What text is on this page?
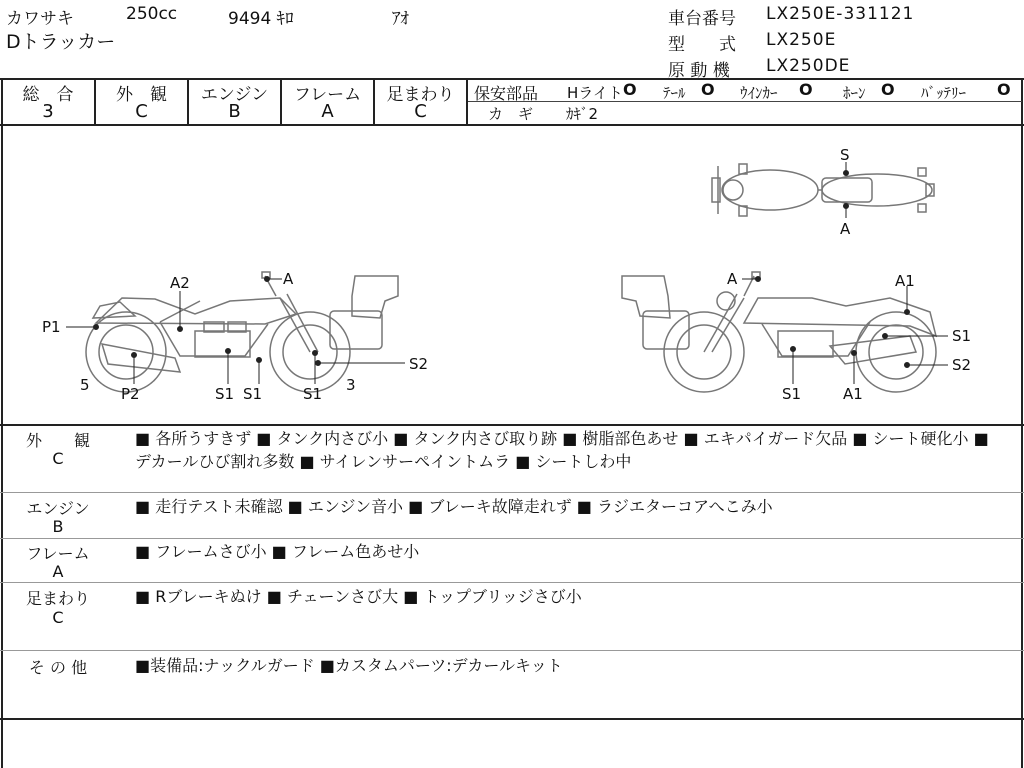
カワサキ	250cc	9494 ｷﾛ	ｱｵ
Dトラッカー
車台番号 LX250E-331121
型　　式 LX250E
原 動 機 LX250DE
総　合
3
外　観
C
エンジン
B
フレーム
A
足まわり
C
保安部品 Hライト O ﾃｰﾙ O ｳｲﾝｶｰ O ﾎｰﾝ O ﾊﾞｯﾃﾘｰ O
カ　ギ ｶｷﾞ2
S
A
A2	A
P1
5 P2	S1 S1	S1 3
S2
A	A1
S1
S2
S1	A1
外　　観
C
■ 各所うすきず ■ タンク内さび小 ■ タンク内さび取り跡 ■ 樹脂部色あせ ■ エキパイガード欠品 ■ シート硬化小 ■ デカールひび割れ多数 ■ サイレンサーペイントムラ ■ シートしわ中
エンジン
B
■ 走行テスト未確認 ■ エンジン音小 ■ ブレーキ故障走れず ■ ラジエターコアへこみ小
フレーム
A
■ フレームさび小 ■ フレーム色あせ小
足まわり
C
■ Rブレーキぬけ ■ チェーンさび大 ■ トップブリッジさび小
そ の 他	■装備品:ナックルガード ■カスタムパーツ:デカールキット
